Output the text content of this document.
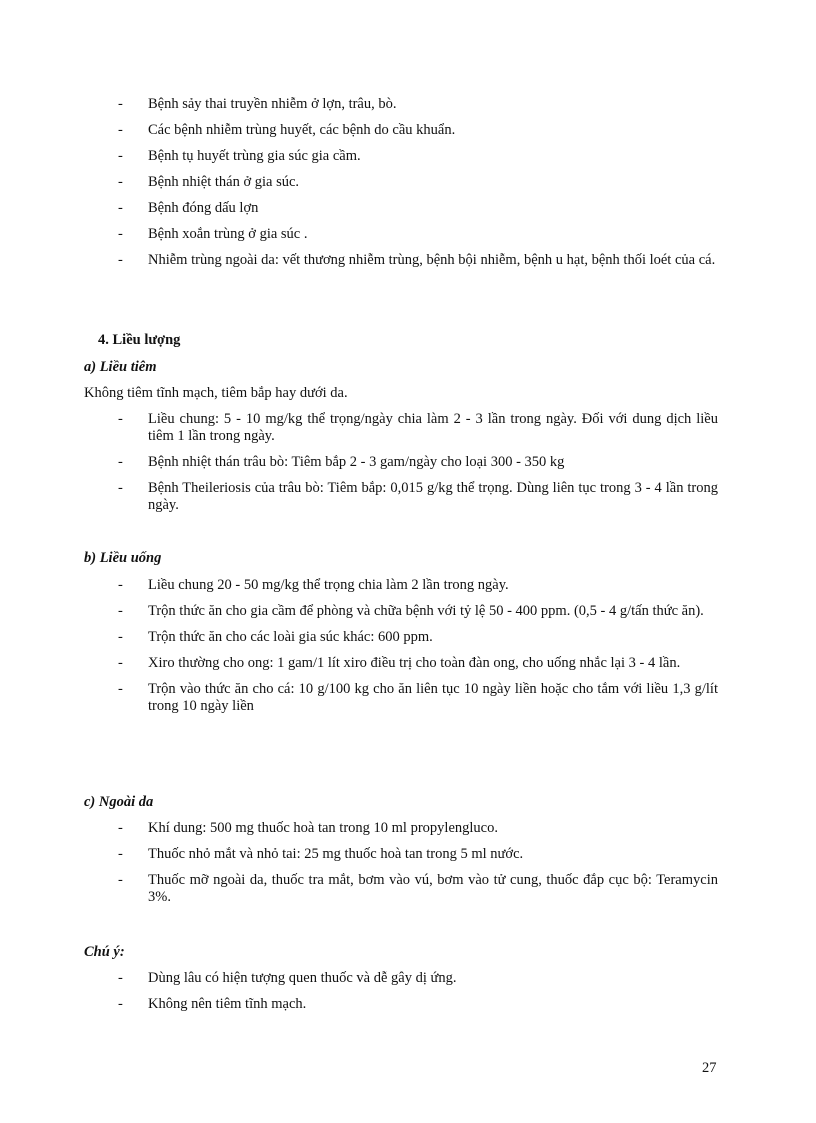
- Bệnh sảy thai truyền nhiễm ở lợn, trâu, bò.
- Các bệnh nhiễm trùng huyết, các bệnh do cầu khuẩn.
- Bệnh tụ huyết trùng gia súc gia cầm.
- Bệnh nhiệt thán ở gia súc.
- Bệnh đóng dấu lợn
- Bệnh xoắn trùng ở gia súc .
- Nhiễm trùng ngoài da: vết thương nhiễm trùng, bệnh bội nhiễm, bệnh u hạt, bệnh thối loét của cá.
4. Liều lượng
a) Liều tiêm
Không tiêm tĩnh mạch, tiêm bắp hay dưới da.
- Liều chung: 5 - 10 mg/kg thể trọng/ngày chia làm 2 - 3 lần trong ngày. Đối với dung dịch liều tiêm 1 lần trong ngày.
- Bệnh nhiệt thán trâu bò: Tiêm bắp 2 - 3 gam/ngày cho loại 300 - 350 kg
- Bệnh Theileriosis của trâu bò: Tiêm bắp: 0,015 g/kg thể trọng. Dùng liên tục trong 3 - 4 lần trong ngày.
b) Liều uống
- Liều chung 20 - 50 mg/kg thể trọng chia làm 2 lần trong ngày.
- Trộn thức ăn cho gia cầm để phòng và chữa bệnh với tỷ lệ 50 - 400 ppm. (0,5 - 4 g/tấn thức ăn).
- Trộn thức ăn cho các loài gia súc khác: 600 ppm.
- Xiro thường cho ong: 1 gam/1 lít xiro điều trị cho toàn đàn ong, cho uống nhắc lại 3 - 4 lần.
- Trộn vào thức ăn cho cá: 10 g/100 kg cho ăn liên tục 10 ngày liền hoặc cho tắm với liều 1,3 g/lít trong 10 ngày liền
c) Ngoài da
- Khí dung: 500 mg thuốc hoà tan trong 10 ml propylengluco.
- Thuốc nhỏ mắt và nhỏ tai: 25 mg thuốc hoà tan trong 5 ml nước.
- Thuốc mỡ ngoài da, thuốc tra mắt, bơm vào vú, bơm vào tử cung, thuốc đắp cục bộ: Teramycin 3%.
Chú ý:
- Dùng lâu có hiện tượng quen thuốc và dễ gây dị ứng.
- Không nên tiêm tĩnh mạch.
27
